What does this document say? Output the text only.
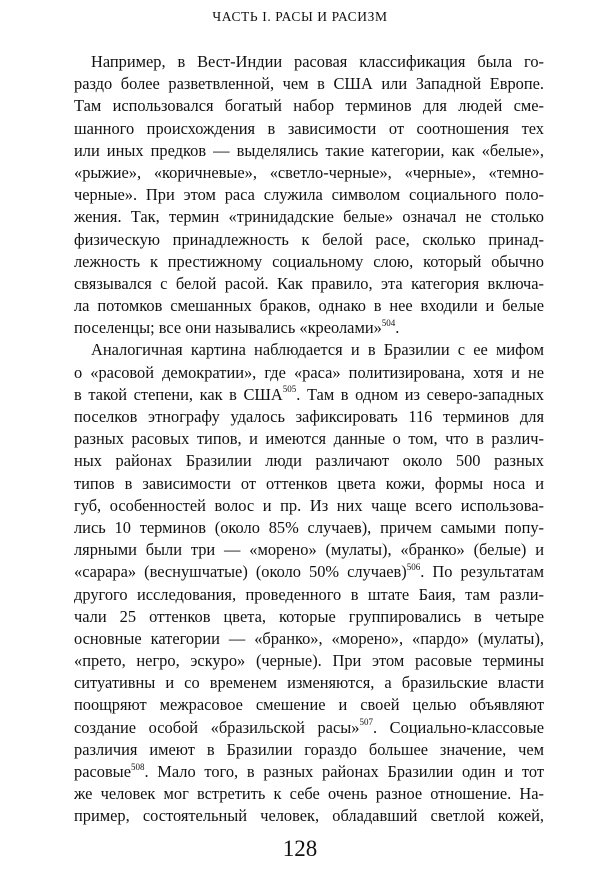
ЧАСТЬ I. РАСЫ И РАСИЗМ
Например, в Вест-Индии расовая классификация была го-
раздо более разветвленной, чем в США или Западной Европе.
Там использовался богатый набор терминов для людей сме-
шанного происхождения в зависимости от соотношения тех
или иных предков — выделялись такие категории, как «белые»,
«рыжие», «коричневые», «светло-черные», «черные», «темно-
черные». При этом раса служила символом социального поло-
жения. Так, термин «тринидадские белые» означал не столько
физическую принадлежность к белой расе, сколько принад-
лежность к престижному социальному слою, который обычно
связывался с белой расой. Как правило, эта категория включа-
ла потомков смешанных браков, однако в нее входили и белые
поселенцы; все они назывались «креолами»$^{504}$.
Аналогичная картина наблюдается и в Бразилии с ее мифом
о «расовой демократии», где «раса» политизирована, хотя и не
в такой степени, как в США$^{505}$. Там в одном из северо-западных
поселков этнографу удалось зафиксировать 116 терминов для
разных расовых типов, и имеются данные о том, что в различ-
ных районах Бразилии люди различают около 500 разных
типов в зависимости от оттенков цвета кожи, формы носа и
губ, особенностей волос и пр. Из них чаще всего использова-
лись 10 терминов (около 85% случаев), причем самыми попу-
лярными были три — «морено» (мулаты), «бранко» (белые) и
«сарара» (веснушчатые) (около 50% случаев)$^{506}$. По результатам
другого исследования, проведенного в штате Баия, там разли-
чали 25 оттенков цвета, которые группировались в четыре
основные категории — «бранко», «морено», «пардо» (мулаты),
«прето, негро, эскуро» (черные). При этом расовые термины
ситуативны и со временем изменяются, а бразильские власти
поощряют межрасовое смешение и своей целью объявляют
создание особой «бразильской расы»$^{507}$. Социально-классовые
различия имеют в Бразилии гораздо большее значение, чем
расовые$^{508}$. Мало того, в разных районах Бразилии один и тот
же человек мог встретить к себе очень разное отношение. На-
пример, состоятельный человек, обладавший светлой кожей,
128
